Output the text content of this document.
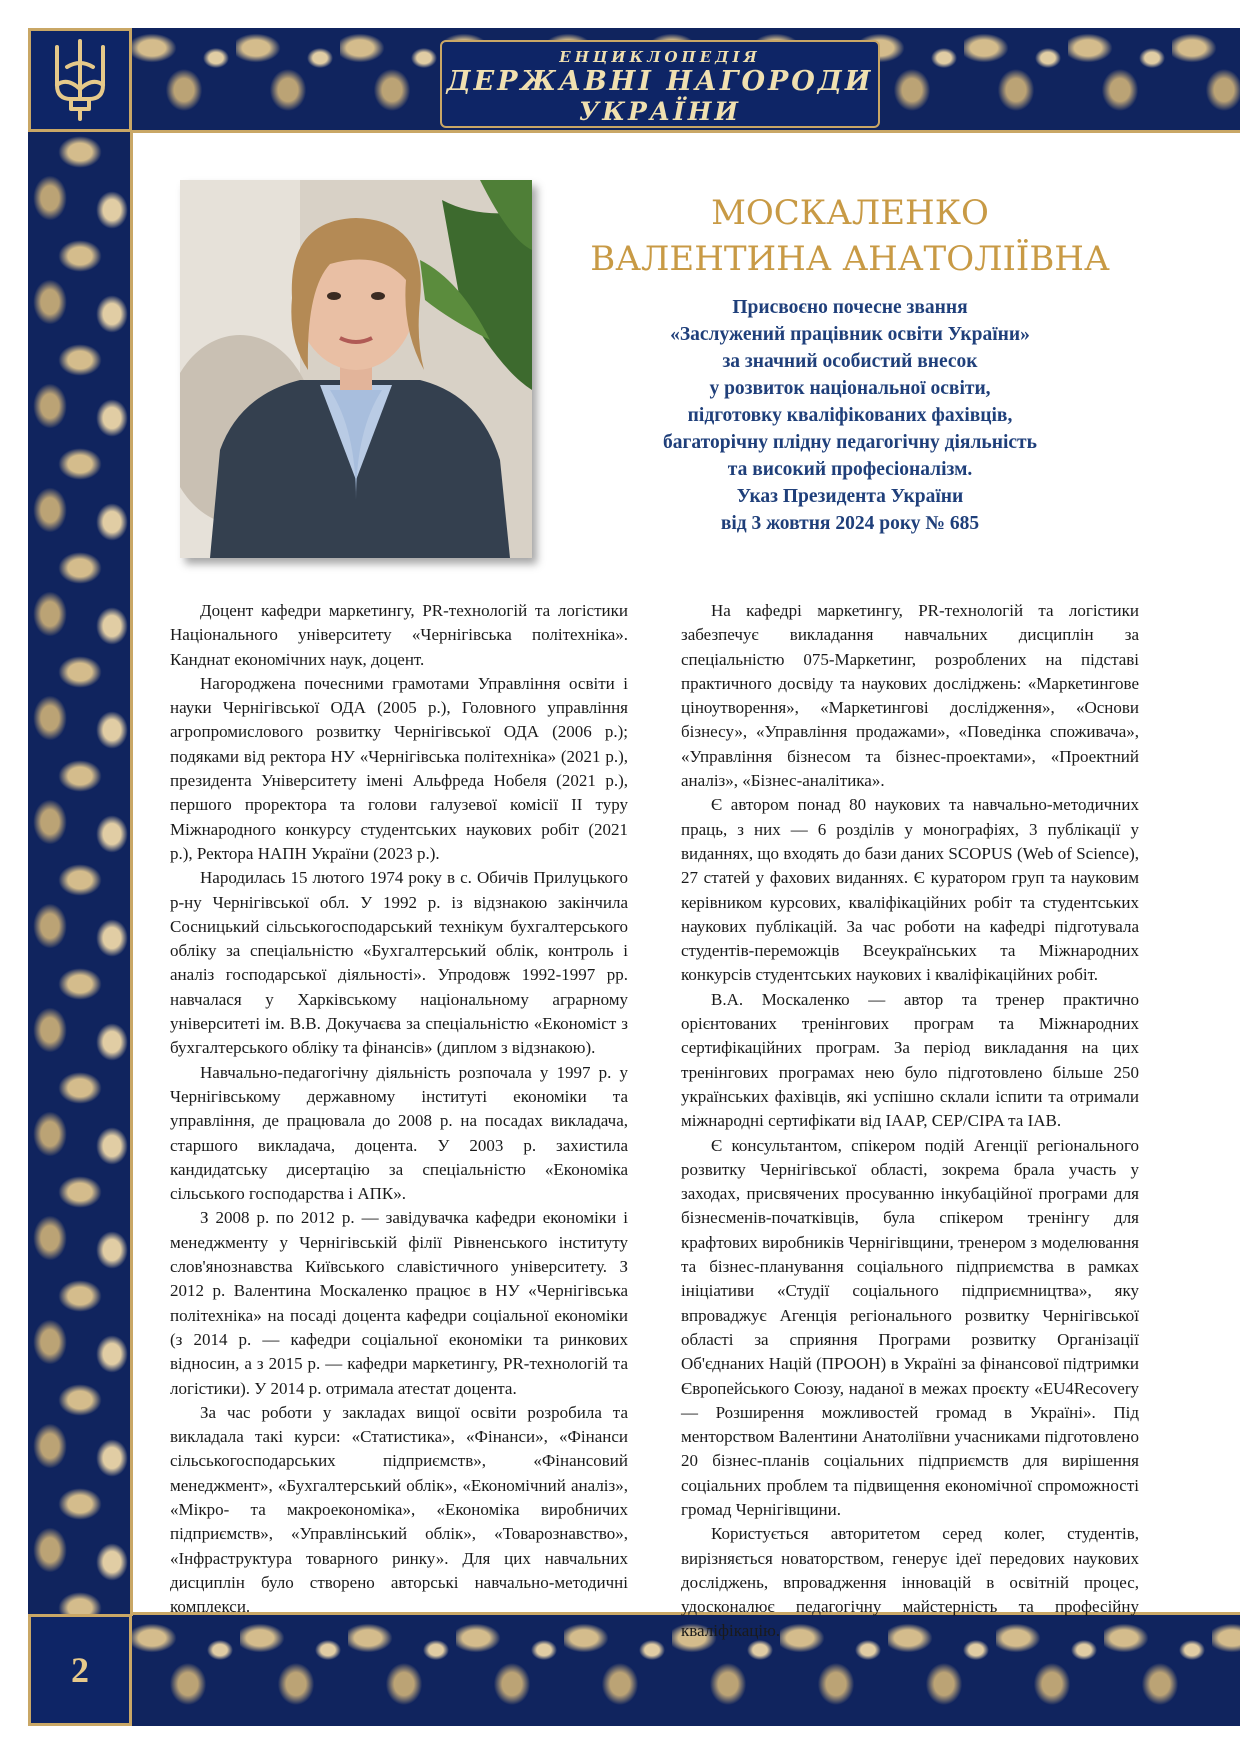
ЕНЦИКЛОПЕДІЯ
ДЕРЖАВНІ НАГОРОДИ
УКРАЇНИ
2
МОСКАЛЕНКО
ВАЛЕНТИНА АНАТОЛІЇВНА
Присвоєно почесне звання
«Заслужений працівник освіти України»
за значний особистий внесок
у розвиток національної освіти,
підготовку кваліфікованих фахівців,
багаторічну плідну педагогічну діяльність
та високий професіоналізм.
Указ Президента України
від 3 жовтня 2024 року № 685

Доцент кафедри маркетингу, PR-технологій та логістики Національного університету «Чернігівська політехніка». Канднат економічних наук, доцент.

Нагороджена почесними грамотами Управління освіти і науки Чернігівської ОДА (2005 р.), Головного управління агропромислового розвитку Чернігівської ОДА (2006 р.); подяками від ректора НУ «Чернігівська політехніка» (2021 р.), президента Університету імені Альфреда Нобеля (2021 р.), першого проректора та голови галузевої комісії II туру Міжнародного конкурсу студентських наукових робіт (2021 р.), Ректора НАПН України (2023 р.).

Народилась 15 лютого 1974 року в с. Обичів Прилуцького р-ну Чернігівської обл. У 1992 р. із відзнакою закінчила Сосницький сільськогосподарський технікум бухгалтерського обліку за спеціальністю «Бухгалтерський облік, контроль і аналіз господарської діяльності». Упродовж 1992-1997 рр. навчалася у Харківському національному аграрному університеті ім. В.В. Докучаєва за спеціальністю «Економіст з бухгалтерського обліку та фінансів» (диплом з відзнакою).

Навчально-педагогічну діяльність розпочала у 1997 р. у Чернігівському державному інституті економіки та управління, де працювала до 2008 р. на посадах викладача, старшого викладача, доцента. У 2003 р. захистила кандидатську дисертацію за спеціальністю «Економіка сільського господарства і АПК».

З 2008 р. по 2012 р. — завідувачка кафедри економіки і менеджменту у Чернігівській філії Рівненського інституту слов'янознавства Київського славістичного університету. З 2012 р. Валентина Москаленко працює в НУ «Чернігівська політехніка» на посаді доцента кафедри соціальної економіки (з 2014 р. — кафедри соціальної економіки та ринкових відносин, а з 2015 р. — кафедри маркетингу, PR-технологій та логістики). У 2014 р. отримала атестат доцента.

За час роботи у закладах вищої освіти розробила та викладала такі курси: «Статистика», «Фінанси», «Фінанси сільськогосподарських підприємств», «Фінансовий менеджмент», «Бухгалтерський облік», «Економічний аналіз», «Мікро- та макроекономіка», «Економіка виробничих підприємств», «Управлінський облік», «Товарознавство», «Інфраструктура товарного ринку». Для цих навчальних дисциплін було створено авторські навчально-методичні комплекси.

На кафедрі маркетингу, PR-технологій та логістики забезпечує викладання навчальних дисциплін за спеціальністю 075-Маркетинг, розроблених на підставі практичного досвіду та наукових досліджень: «Маркетингове ціноутворення», «Маркетингові дослідження», «Основи бізнесу», «Управління продажами», «Поведінка споживача», «Управління бізнесом та бізнес-проектами», «Проектний аналіз», «Бізнес-аналітика».

Є автором понад 80 наукових та навчально-методичних праць, з них — 6 розділів у монографіях, 3 публікації у виданнях, що входять до бази даних SCOPUS (Web of Science), 27 статей у фахових виданнях. Є куратором груп та науковим керівником курсових, кваліфікаційних робіт та студентських наукових публікацій. За час роботи на кафедрі підготувала студентів-переможців Всеукраїнських та Міжнародних конкурсів студентських наукових і кваліфікаційних робіт.

В.А. Москаленко — автор та тренер практично орієнтованих тренінгових програм та Міжнародних сертифікаційних програм. За період викладання на цих тренінгових програмах нею було підготовлено більше 250 українських фахівців, які успішно склали іспити та отримали міжнародні сертифікати від IAAP, CEP/CIPA та IAB.

Є консультантом, спікером подій Агенції регіонального розвитку Чернігівської області, зокрема брала участь у заходах, присвячених просуванню інкубаційної програми для бізнесменів-початківців, була спікером тренінгу для крафтових виробників Чернігівщини, тренером з моделювання та бізнес-планування соціального підприємства в рамках ініціативи «Студії соціального підприємництва», яку впроваджує Агенція регіонального розвитку Чернігівської області за сприяння Програми розвитку Організації Об'єднаних Націй (ПРООН) в Україні за фінансової підтримки Європейського Союзу, наданої в межах проєкту «EU4Recovery — Розширення можливостей громад в Україні». Під менторством Валентини Анатоліївни учасниками підготовлено 20 бізнес-планів соціальних підприємств для вирішення соціальних проблем та підвищення економічної спроможності громад Чернігівщини.

Користується авторитетом серед колег, студентів, вирізняється новаторством, генерує ідеї передових наукових досліджень, впровадження інновацій в освітній процес, удосконалює педагогічну майстерність та професійну кваліфікацію.
